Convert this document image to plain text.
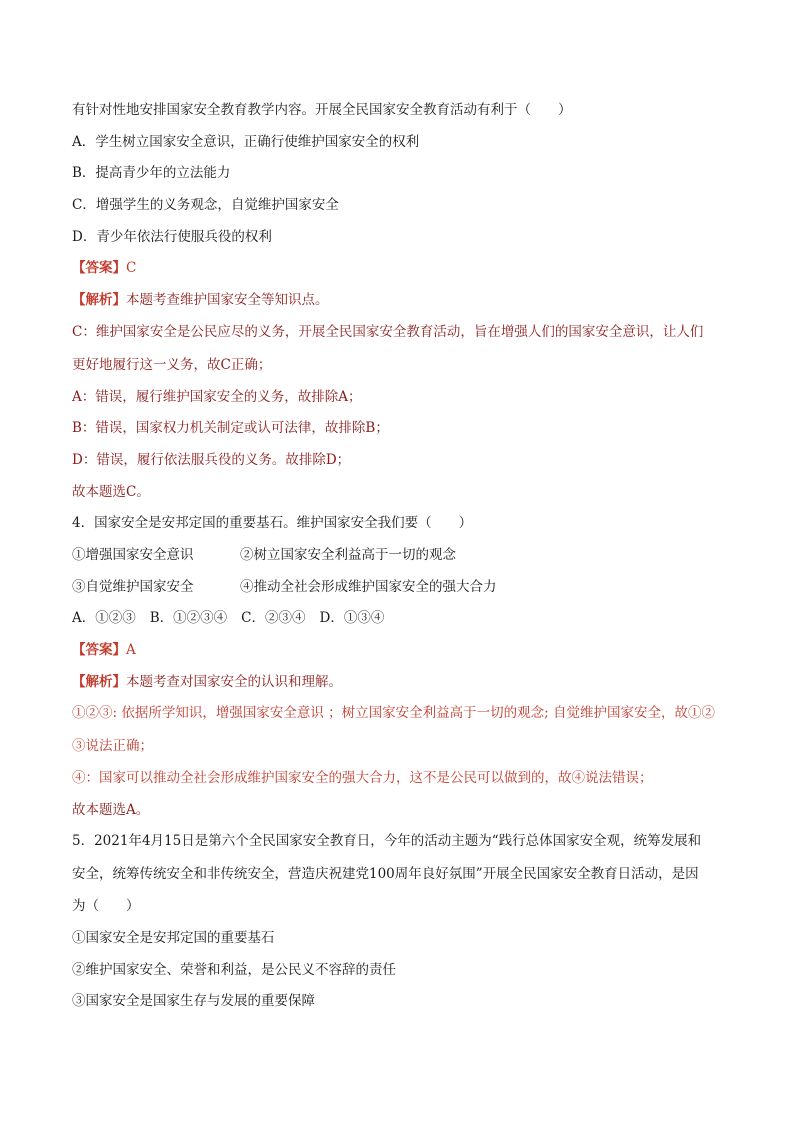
有针对性地安排国家安全教育教学内容。开展全民国家安全教育活动有利于（　　）
A．学生树立国家安全意识，正确行使维护国家安全的权利
B．提高青少年的立法能力
C．增强学生的义务观念，自觉维护国家安全
D．青少年依法行使服兵役的权利
【答案】C
【解析】本题考查维护国家安全等知识点。
C：维护国家安全是公民应尽的义务，开展全民国家安全教育活动，旨在增强人们的国家安全意识，让人们
更好地履行这一义务，故C正确；
A：错误，履行维护国家安全的义务，故排除A；
B：错误，国家权力机关制定或认可法律，故排除B；
D：错误，履行依法服兵役的义务。故排除D；
故本题选C。
4．国家安全是安邦定国的重要基石。维护国家安全我们要（　　）
①增强国家安全意识	②树立国家安全利益高于一切的观念
③自觉维护国家安全	④推动全社会形成维护国家安全的强大合力
A．①②③ B．①②③④ C．②③④ D．①③④
【答案】A
【解析】本题考查对国家安全的认识和理解。
①②③: 依据所学知识，增强国家安全意识 ；树立国家安全利益高于一切的观念; 自觉维护国家安全，故①②
③说法正确；
④：国家可以推动全社会形成维护国家安全的强大合力，这不是公民可以做到的，故④说法错误；
故本题选A。
5．2021年4月15日是第六个全民国家安全教育日，今年的活动主题为“践行总体国家安全观，统筹发展和
安全，统筹传统安全和非传统安全，营造庆祝建党100周年良好氛围”开展全民国家安全教育日活动，是因
为（　　）
①国家安全是安邦定国的重要基石
②维护国家安全、荣誉和利益，是公民义不容辞的责任
③国家安全是国家生存与发展的重要保障
